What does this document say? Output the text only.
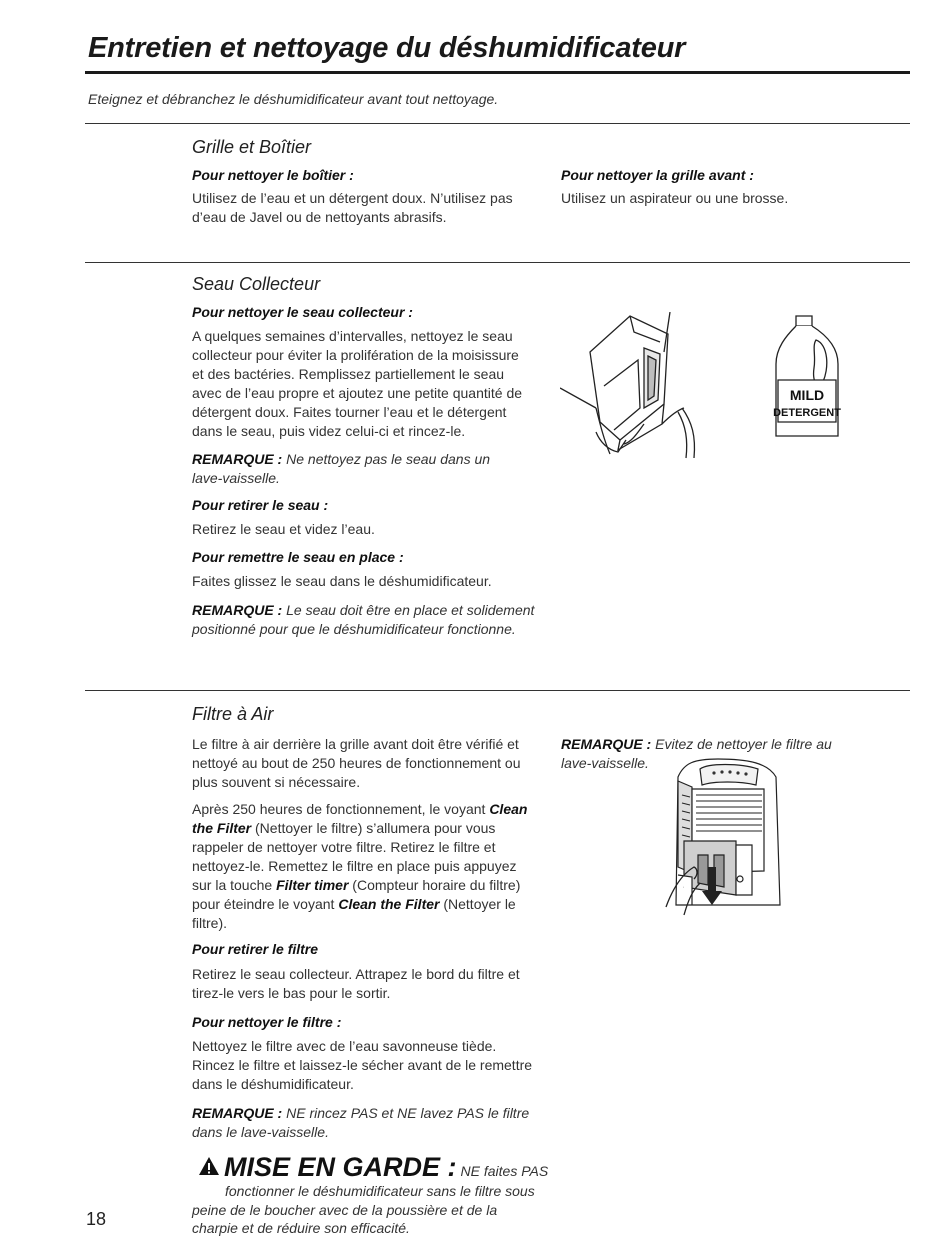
Entretien et nettoyage du déshumidificateur
Eteignez et débranchez le déshumidificateur avant tout nettoyage.
Grille et Boîtier
Pour nettoyer le boîtier :
Utilisez de l’eau et un détergent doux. N’utilisez pas
d’eau de Javel ou de nettoyants abrasifs.
Pour nettoyer la grille avant :
Utilisez un aspirateur ou une brosse.
Seau Collecteur
Pour nettoyer le seau collecteur :
A quelques semaines d’intervalles, nettoyez le seau
collecteur pour éviter la prolifération de la moisissure
et des bactéries. Remplissez partiellement le seau
avec de l’eau propre et ajoutez une petite quantité de
détergent doux. Faites tourner l’eau et le détergent
dans le seau, puis videz celui-ci et rincez-le.
REMARQUE : Ne nettoyez pas le seau dans un
lave-vaisselle.
Pour retirer le seau :
Retirez le seau et videz l’eau.
Pour remettre le seau en place :
Faites glissez le seau dans le déshumidificateur.
REMARQUE : Le seau doit être en place et solidement
positionné pour que le déshumidificateur fonctionne.
MILD
DETERGENT
Filtre à Air
Le filtre à air derrière la grille avant doit être vérifié et
nettoyé au bout de 250 heures de fonctionnement ou
plus souvent si nécessaire.
Après 250 heures de fonctionnement, le voyant Clean
the Filter (Nettoyer le filtre) s’allumera pour vous
rappeler de nettoyer votre filtre. Retirez le filtre et
nettoyez-le. Remettez le filtre en place puis appuyez
sur la touche Filter timer (Compteur horaire du filtre)
pour éteindre le voyant Clean the Filter (Nettoyer le
filtre).
Pour retirer le filtre
Retirez le seau collecteur. Attrapez le bord du filtre et
tirez-le vers le bas pour le sortir.
Pour nettoyer le filtre :
Nettoyez le filtre avec de l’eau savonneuse tiède.
Rincez le filtre et laissez-le sécher avant de le remettre
dans le déshumidificateur.
REMARQUE : NE rincez PAS et NE lavez PAS le filtre
dans le lave-vaisselle.
REMARQUE : Evitez de nettoyer le filtre au
lave-vaisselle.
MISE EN GARDE : NE faites PAS
fonctionner le déshumidificateur sans le filtre sous
peine de le boucher avec de la poussière et de la
charpie et de réduire son efficacité.
18
